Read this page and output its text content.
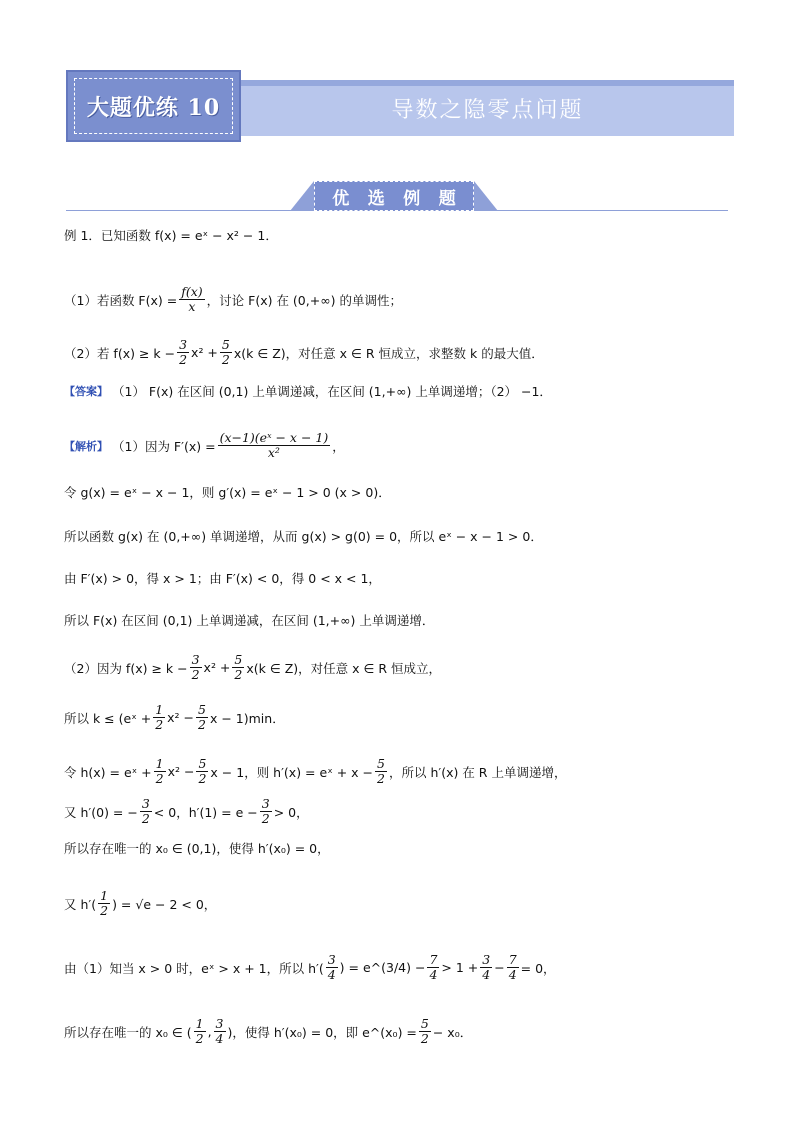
大题优练 10	导数之隐零点问题
优 选 例 题
例 1．已知函数 f(x) = eˣ − x² − 1．
（1）若函数 $F(x) = \frac{f(x)}{x}$ ，讨论 F(x) 在 (0,+∞) 的单调性；
（2）若 $f(x) \ge k - \frac{3}{2} x^2 + \frac{5}{2} x(k$ ∈ Z)，对任意 x ∈ R 恒成立，求整数 k 的最大值．
【答案】 （1） F(x) 在区间 (0,1) 上单调递减，在区间 (1,+∞) 上单调递增；（2） −1．
【解析】 （1）因为 $F'(x) = \frac{\text{(x−1)(eˣ − x − 1)}}{\text{x²}}$ ，
令 g(x) = eˣ − x − 1，则 g′(x) = eˣ − 1 > 0 (x > 0)．
所以函数 g(x) 在 (0,+∞) 单调递增，从而 g(x) > g(0) = 0，所以 eˣ − x − 1 > 0．
由 F′(x) > 0，得 x > 1；由 F′(x) < 0，得 0 < x < 1，
所以 F(x) 在区间 (0,1) 上单调递减，在区间 (1,+∞) 上单调递增．
（2）因为 $f(x) \ge k - \frac{3}{2} x^2 + \frac{5}{2} x(k$ ∈ Z)，对任意 x ∈ R 恒成立，
所以 k ≤ (eˣ + $\frac{1}{2} x^2 - \frac{5}{2}$ x − 1)min．
令 h(x) = eˣ + $\frac{1}{2} x^2 - \frac{5}{2}$ x − 1，则 h′(x) = eˣ + $x - \frac{5}{2}$ ，所以 h′(x) 在 R 上单调递增，
又 h′(0) = − $\frac{3}{2} < 0$，$h'(1) = e - \frac{3}{2} > 0$，
所以存在唯一的 x₀ ∈ (0,1)，使得 h′(x₀) = 0，
又 $h'( \frac{1}{2}$ ) = √e − 2 < 0，
由（1）知当 x > 0 时，eˣ > x + 1，所以 $h'( \frac{3}{4}$ ) = e^(3/4) − $\frac{7}{4} > 1 + \frac{3}{4} - \frac{7}{4} = 0$，
所以存在唯一的 x₀ ∈ ( $\frac{1}{2}$ , $\frac{3}{4}$ )，使得 h′(x₀) = 0，即 e^(x₀) = $\frac{5}{2} - x_0$．
